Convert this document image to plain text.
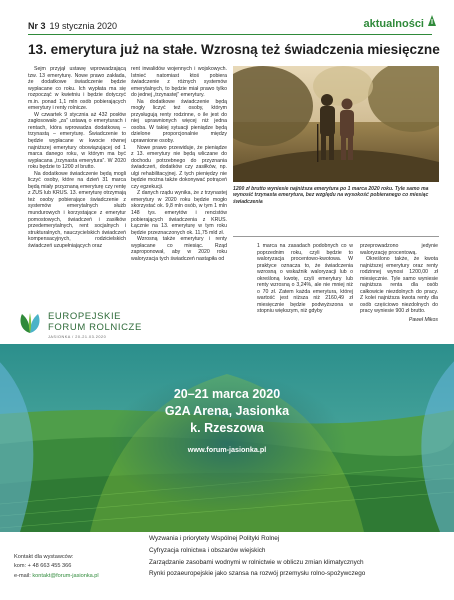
Nr 3 19 stycznia 2020	aktualności
13. emerytura już na stałe. Wzrosną też świadczenia miesięczne

Sejm przyjął ustawę wprowadzającą tzw. 13 emeryturę. Nowe prawo zakłada, że dodatkowe świadczenie będzie wypłacane co roku. Ich wypłata ma się rozpocząć w kwietniu i będzie dotyczyć m.in. ponad 1,1 mln osób pobierających emerytury i renty rolnicze.

W czwartek 9 stycznia aż 432 posłów zagłosowało „za” ustawą o emeryturach i rentach, która wprowadza dodatkową – trzynastą – emeryturę. Świadczenie to będzie wypłacane w kwocie równej najniższej emerytury obowiązującej od 1 marca danego roku, w którym ma być wypłacana „trzynasta emerytura”. W 2020 roku będzie to 1200 zł brutto.

Na dodatkowe świadczenie będą mogli liczyć osoby, które na dzień 31 marca będą miały przyznaną emeryturę czy rentę z ZUS lub KRUS. 13. emeryturę otrzymają też osoby pobierające świadczenie z systemów emerytalnych służb mundurowych i korzystające z emerytur pomostowych, świadczeń i zasiłków przedemerytalnych, rent socjalnych i strukturalnych, nauczycielskich świadczeń kompensacyjnych, rodzicielskich świadczeń uzupełniających oraz

rent inwalidów wojennych i wojskowych. Istnieć natomiast ktoś pobiera świadczenie z różnych systemów emerytalnych, to będzie miał prawo tylko do jednej „trzynastej” emerytury.

Na dodatkowe świadczenie będą mogły liczyć też osoby, którym przysługują renty rodzinne, o ile jest do niej uprawnionych więcej niż jedna osoba. W takiej sytuacji pieniądze będą dzielone proporcjonalnie między uprawnione osoby.

Nowe prawo przewiduje, że pieniądze z 13. emerytury nie będą wliczane do dochodu potrzebnego do przyznania świadczeń, dodatków czy zasiłków, np. ulgi rehabilitacyjnej. Z tych pieniędzy nie będzie można także dokonywać potrąceń czy egzekucji.

Z danych rządu wynika, że z trzynastej emerytury w 2020 roku będzie mogło skorzystać ok. 9,8 mln osób, w tym 1 mln 148 tys. emerytów i rencistów pobierających świadczenia z KRUS. Łącznie na 13. emeryturę w tym roku będzie przeznaczonych ok. 11,75 mld zł.

Wzrosną także emerytury i renty wypłacane co miesiąc. Rząd zaproponował, aby w 2020 roku waloryzacja tych świadczeń nastąpiła od

1200 zł brutto wyniesie najniższa emerytura po 1 marca 2020 roku. Tyle samo ma wynosić trzynasta emerytura, bez względu na wysokość pobieranego co miesiąc świadczenia

1 marca na zasadach podobnych co w poprzednim roku, czyli będzie to waloryzacja procentowo-kwotowa. W praktyce oznacza to, że świadczenia wzrosną o wskaźnik waloryzacji lub o określoną kwotę, czyli emerytury lub renty wzrosną o 3,24%, ale nie mniej niż o 70 zł. Zatem każda emerytura, której wartość jest niższa niż 2160,49 zł miesięcznie będzie podwyższona w stopniu większym, niż gdyby

przeprowadzono jedynie waloryzację procentową.

Określono także, że kwota najniższej emerytury oraz renty rodzinnej wynosi 1200,00 zł miesięcznie. Tyle samo wyniesie najniższa renta dla osób całkowicie niezdolnych do pracy. Z kolei najniższa kwota renty dla osób częściowo niezdolnych do pracy wyniesie 900 zł brutto.

Paweł Mikos
EUROPEJSKIE
FORUM ROLNICZE
JASIONKA / 20-21.03.2020
20–21 marca 2020
G2A Arena, Jasionka
k. Rzeszowa
www.forum-jasionka.pl
Wyzwania i priorytety Wspólnej Polityki Rolnej
Cyfryzacja rolnictwa i obszarów wiejskich
Zarządzanie zasobami wodnymi w rolnictwie w obliczu zmian klimatycznych
Rynki pozaeuropejskie jako szansa na rozwój przemysłu rolno-spożywczego
Kontakt dla wystawców:
kom: + 48 663 455 366
e-mail: kontakt@forum-jasionka.pl
